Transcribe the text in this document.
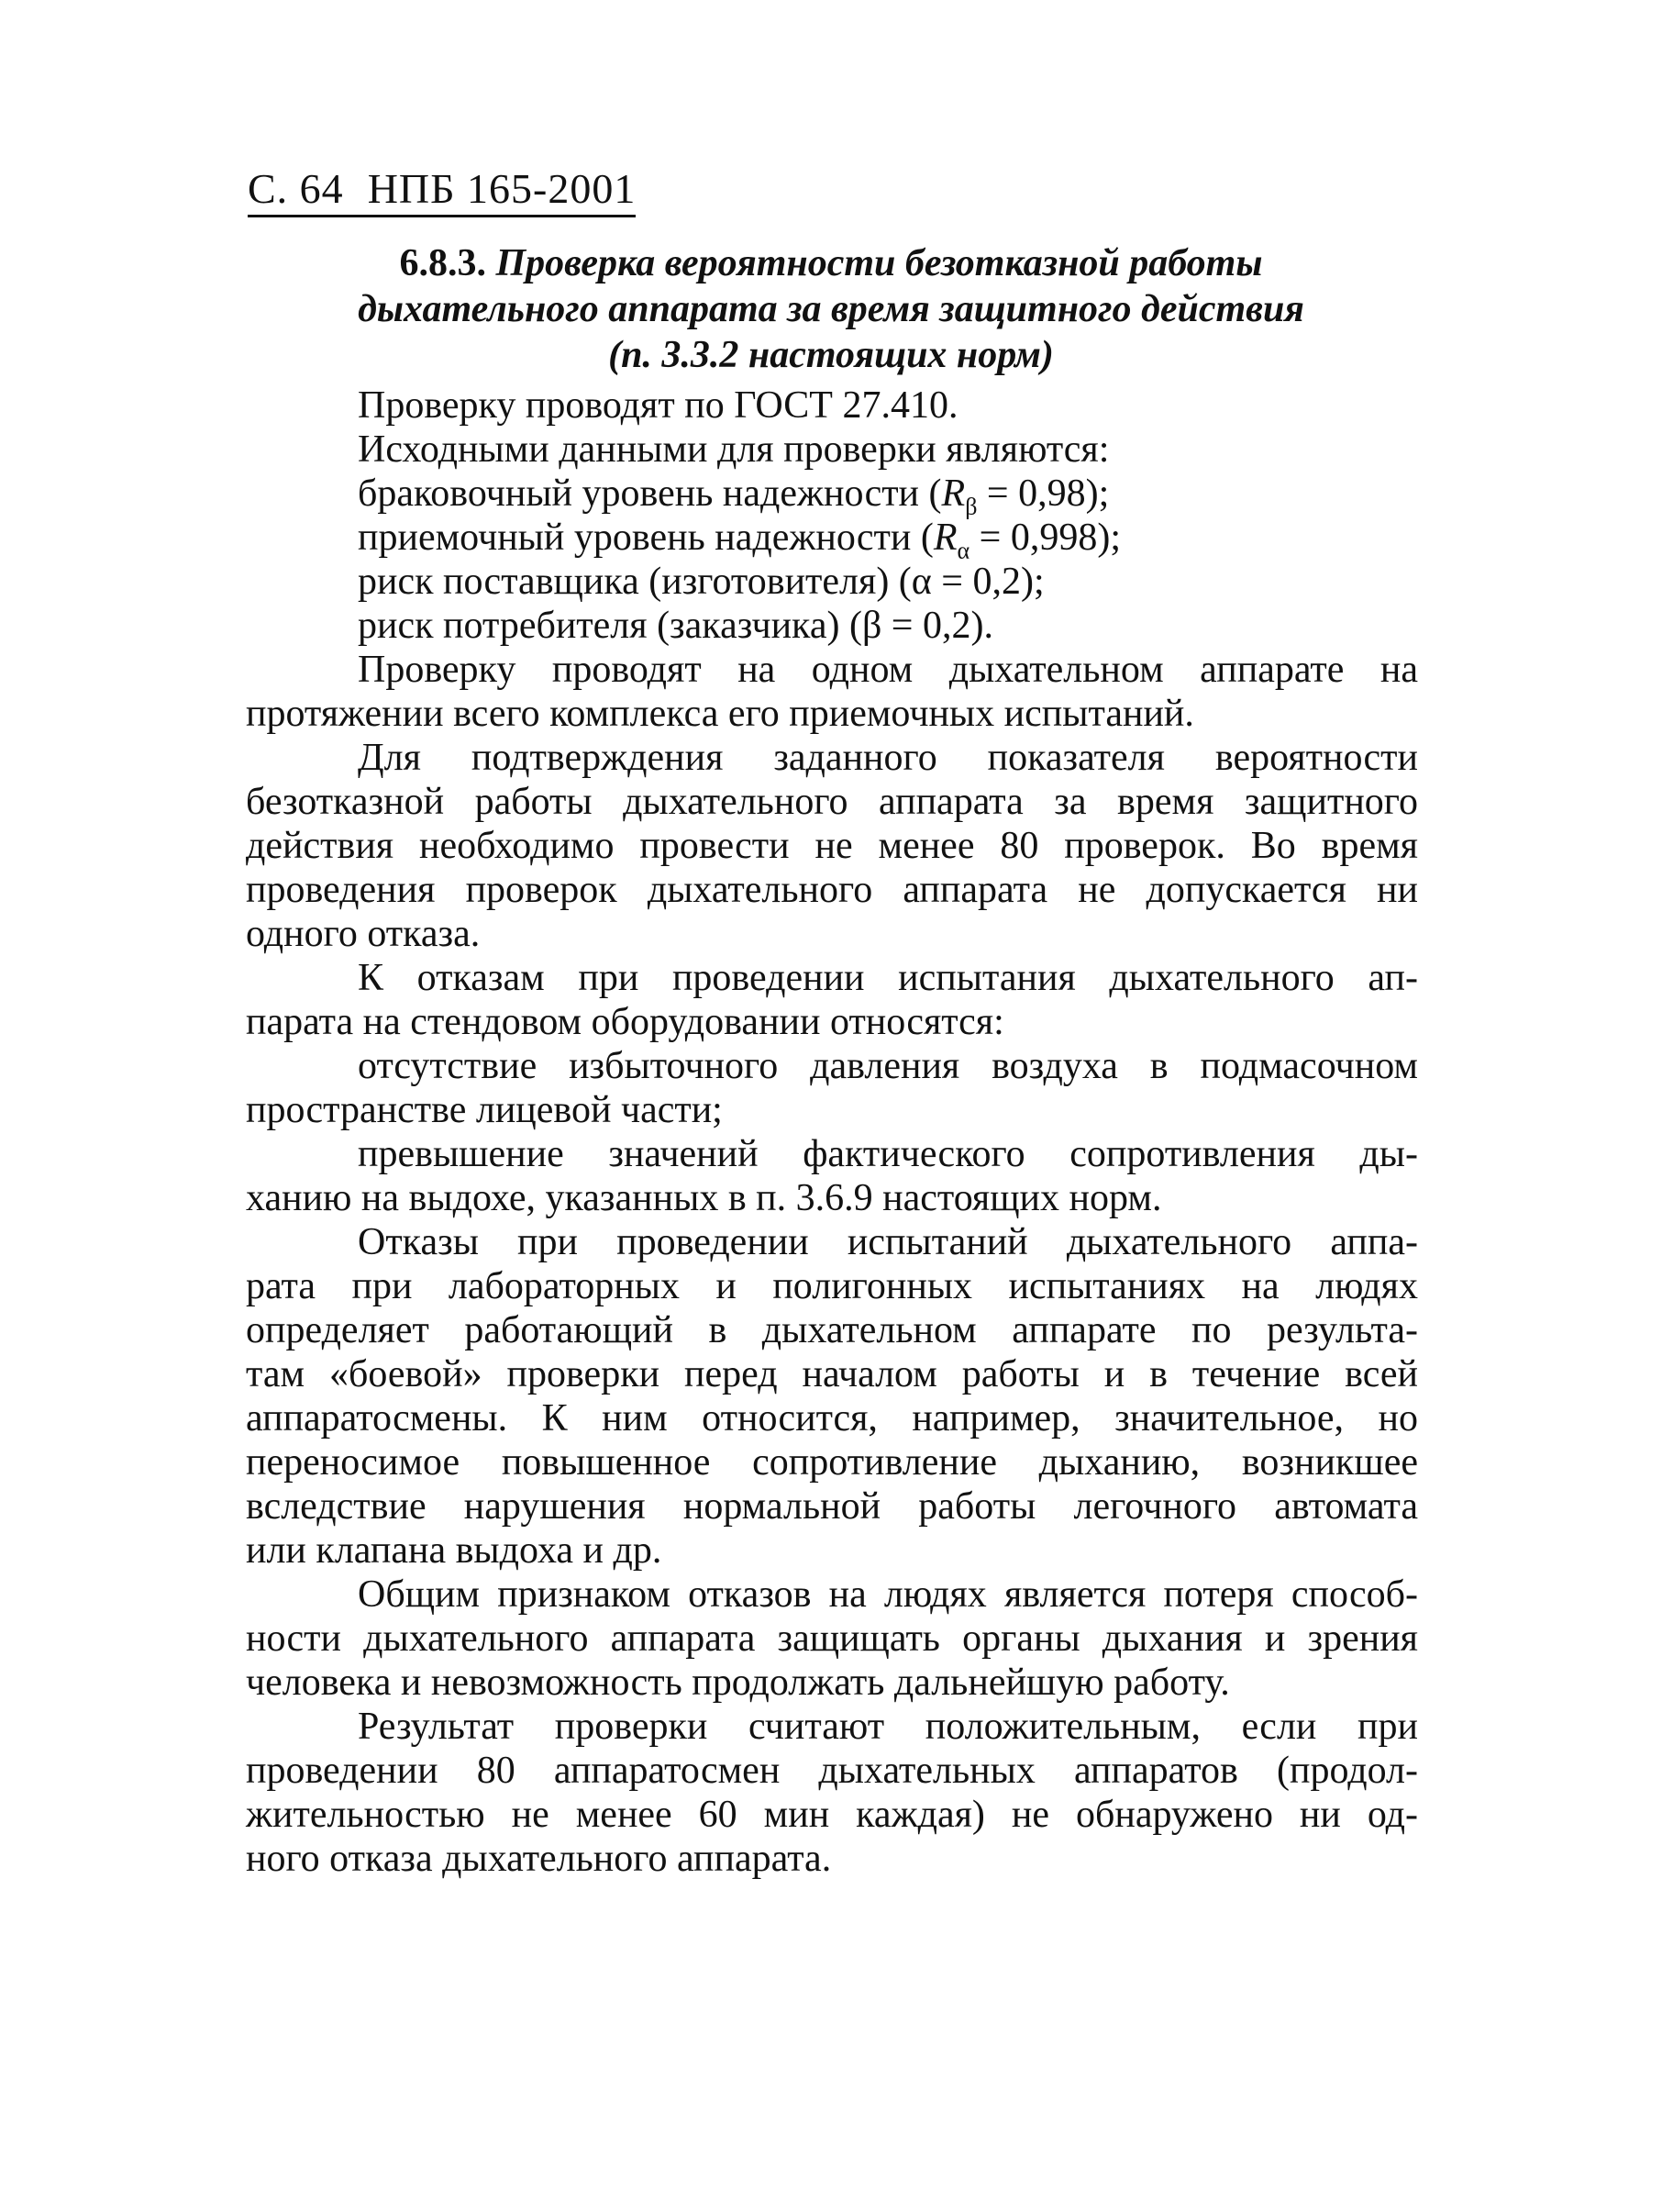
С. 64 НПБ 165-2001
6.8.3. Проверка вероятности безотказной работы
дыхательного аппарата за время защитного действия
(п. 3.3.2 настоящих норм)
Проверку проводят по ГОСТ 27.410.
Исходными данными для проверки являются:
браковочный уровень надежности $(R_\beta = 0,98)$;
приемочный уровень надежности $(R_\alpha = 0,998)$;
риск поставщика (изготовителя) (α = 0,2);
риск потребителя (заказчика) (β = 0,2).
Проверку проводят на одном дыхательном аппарате на
протяжении всего комплекса его приемочных испытаний.
Для подтверждения заданного показателя вероятности
безотказной работы дыхательного аппарата за время защитного
действия необходимо провести не менее 80 проверок. Во время
проведения проверок дыхательного аппарата не допускается ни
одного отказа.
К отказам при проведении испытания дыхательного ап-
парата на стендовом оборудовании относятся:
отсутствие избыточного давления воздуха в подмасочном
пространстве лицевой части;
превышение значений фактического сопротивления ды-
ханию на выдохе, указанных в п. 3.6.9 настоящих норм.
Отказы при проведении испытаний дыхательного аппа-
рата при лабораторных и полигонных испытаниях на людях
определяет работающий в дыхательном аппарате по результа-
там «боевой» проверки перед началом работы и в течение всей
аппаратосмены. К ним относится, например, значительное, но
переносимое повышенное сопротивление дыханию, возникшее
вследствие нарушения нормальной работы легочного автомата
или клапана выдоха и др.
Общим признаком отказов на людях является потеря способ-
ности дыхательного аппарата защищать органы дыхания и зрения
человека и невозможность продолжать дальнейшую работу.
Результат проверки считают положительным, если при
проведении 80 аппаратосмен дыхательных аппаратов (продол-
жительностью не менее 60 мин каждая) не обнаружено ни од-
ного отказа дыхательного аппарата.
